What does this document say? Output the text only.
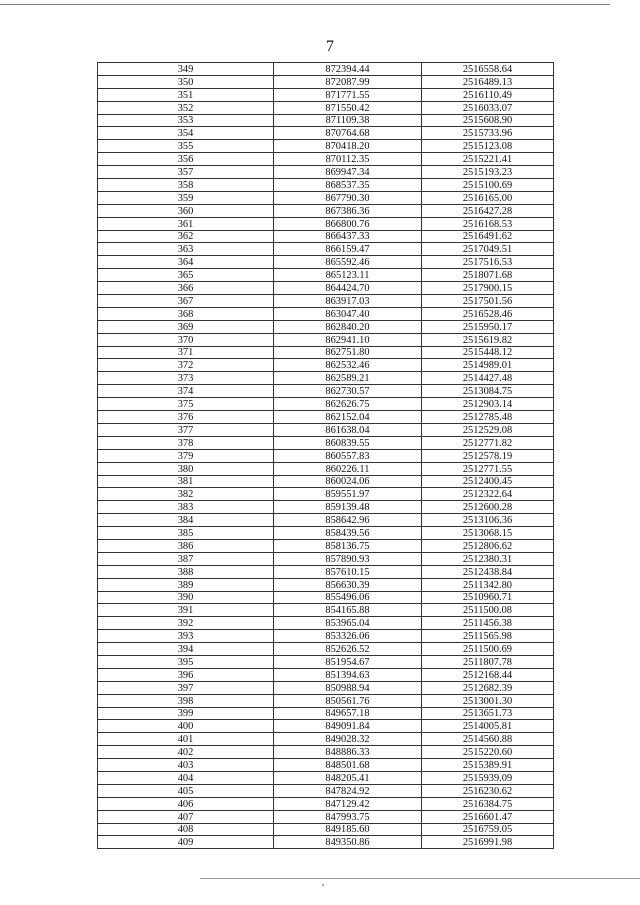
7
349	872394.44	2516558.64
350	872087.99	2516489.13
351	871771.55	2516110.49
352	871550.42	2516033.07
353	871109.38	2515608.90
354	870764.68	2515733.96
355	870418.20	2515123.08
356	870112.35	2515221.41
357	869947.34	2515193.23
358	868537.35	2515100.69
359	867790.30	2516165.00
360	867386.36	2516427.28
361	866800.76	2516168.53
362	866437.33	2516491.62
363	866159.47	2517049.51
364	865592.46	2517516.53
365	865123.11	2518071.68
366	864424.70	2517900.15
367	863917.03	2517501.56
368	863047.40	2516528.46
369	862840.20	2515950.17
370	862941.10	2515619.82
371	862751.80	2515448.12
372	862532.46	2514989.01
373	862589.21	2514427.48
374	862730.57	2513084.75
375	862626.75	2512903.14
376	862152.04	2512785.48
377	861638.04	2512529.08
378	860839.55	2512771.82
379	860557.83	2512578.19
380	860226.11	2512771.55
381	860024.06	2512400.45
382	859551.97	2512322.64
383	859139.48	2512600.28
384	858642.96	2513106.36
385	858439.56	2513068.15
386	858136.75	2512806.62
387	857890.93	2512380.31
388	857610.15	2512438.84
389	856630.39	2511342.80
390	855496.06	2510960.71
391	854165.88	2511500.08
392	853965.04	2511456.38
393	853326.06	2511565.98
394	852626.52	2511500.69
395	851954.67	2511807.78
396	851394.63	2512168.44
397	850988.94	2512682.39
398	850561.76	2513001.30
399	849657.18	2513651.73
400	849091.84	2514005.81
401	849028.32	2514560.88
402	848886.33	2515220.60
403	848501.68	2515389.91
404	848205.41	2515939.09
405	847824.92	2516230.62
406	847129.42	2516384.75
407	847993.75	2516601.47
408	849185.60	2516759.05
409	849350.86	2516991.98
